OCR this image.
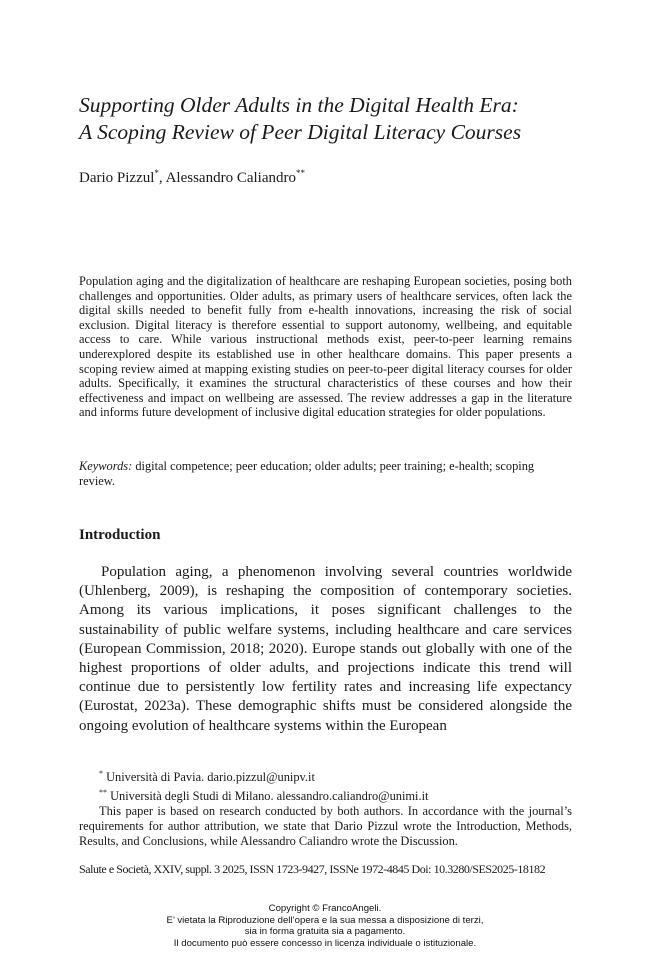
Supporting Older Adults in the Digital Health Era:
A Scoping Review of Peer Digital Literacy Courses
Dario Pizzul*, Alessandro Caliandro**

Population aging and the digitalization of healthcare are reshaping European societies, posing both challenges and opportunities. Older adults, as primary users of healthcare services, often lack the digital skills needed to benefit fully from e-health innovations, increasing the risk of social exclusion. Digital literacy is therefore essential to support autonomy, wellbeing, and equitable access to care. While various instructional methods exist, peer-to-peer learning remains underexplored despite its established use in other healthcare domains. This paper presents a scoping review aimed at mapping existing studies on peer-to-peer digital literacy courses for older adults. Specifically, it examines the structural characteristics of these courses and how their effectiveness and impact on wellbeing are assessed. The review addresses a gap in the literature and informs future development of inclusive digital education strategies for older populations.

Keywords: digital competence; peer education; older adults; peer training; e-health; scoping review.

Introduction

Population aging, a phenomenon involving several countries worldwide (Uhlenberg, 2009), is reshaping the composition of contemporary societies. Among its various implications, it poses significant challenges to the sustainability of public welfare systems, including healthcare and care services (European Commission, 2018; 2020). Europe stands out globally with one of the highest proportions of older adults, and projections indicate this trend will continue due to persistently low fertility rates and increasing life expectancy (Eurostat, 2023a). These demographic shifts must be considered alongside the ongoing evolution of healthcare systems within the European

* Università di Pavia. dario.pizzul@unipv.it

** Università degli Studi di Milano. alessandro.caliandro@unimi.it

This paper is based on research conducted by both authors. In accordance with the journal’s requirements for author attribution, we state that Dario Pizzul wrote the Introduction, Methods, Results, and Conclusions, while Alessandro Caliandro wrote the Discussion.

Salute e Società, XXIV, suppl. 3 2025, ISSN 1723-9427, ISSNe 1972-4845 Doi: 10.3280/SES2025-18182

Copyright © FrancoAngeli.
E’ vietata la Riproduzione dell’opera e la sua messa a disposizione di terzi,
sia in forma gratuita sia a pagamento.
Il documento può essere concesso in licenza individuale o istituzionale.
